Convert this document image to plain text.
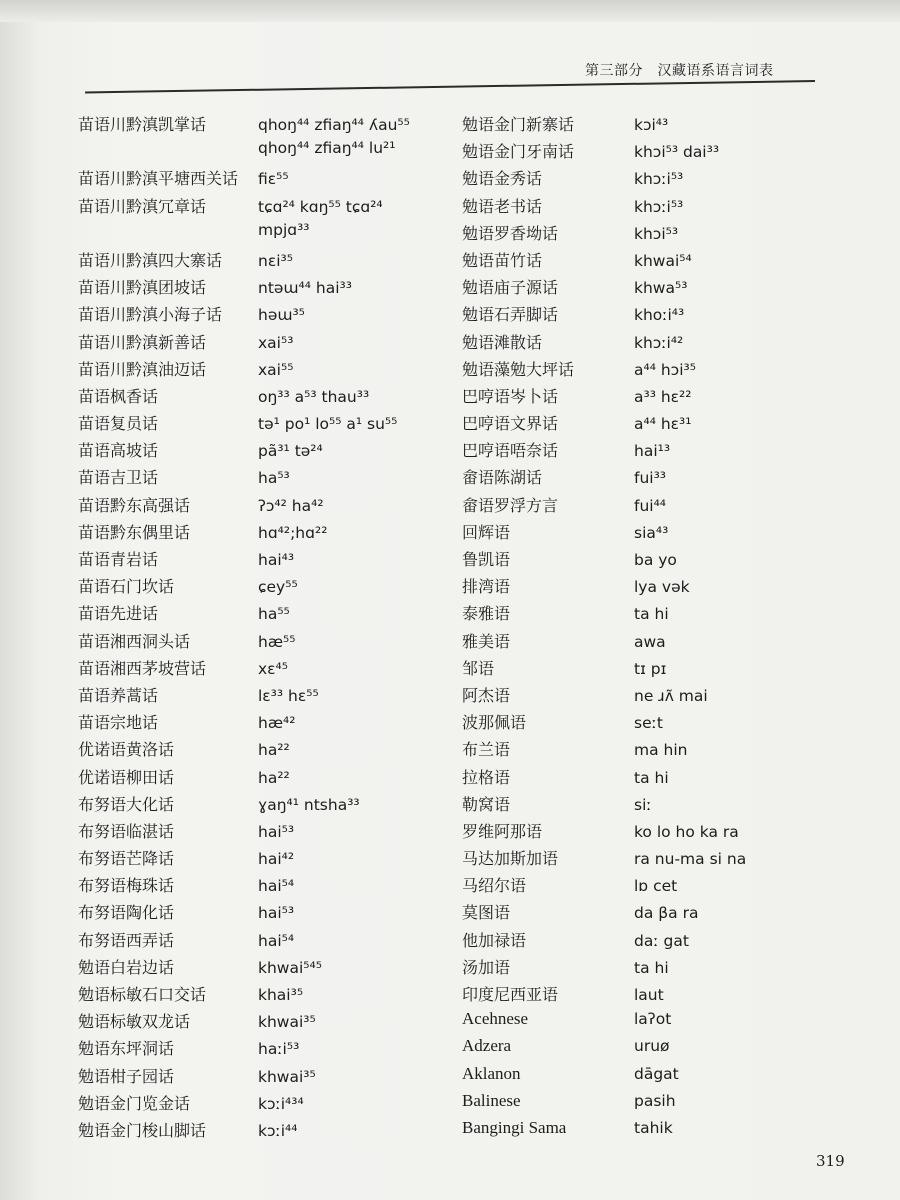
第三部分　汉藏语系语言词表
苗语川黔滇凯掌话	qhoŋ⁴⁴ zfiaŋ⁴⁴ ʎau⁵⁵
qhoŋ⁴⁴ zfiaŋ⁴⁴ lu²¹
苗语川黔滇平塘西关话	fiɛ⁵⁵
苗语川黔滇冗章话	tɕɑ²⁴ kɑŋ⁵⁵ tɕɑ²⁴
mpjɑ³³
苗语川黔滇四大寨话	nɛi³⁵
苗语川黔滇团坡话	ntəɯ⁴⁴ hai³³
苗语川黔滇小海子话	həɯ³⁵
苗语川黔滇新善话	xai⁵³
苗语川黔滇油迈话	xai⁵⁵
苗语枫香话	oŋ³³ a⁵³ thau³³
苗语复员话	tə¹ po¹ lo⁵⁵ a¹ su⁵⁵
苗语高坡话	pã³¹ tə²⁴
苗语吉卫话	ha⁵³
苗语黔东高强话	ʔɔ⁴² ha⁴²
苗语黔东偶里话	hɑ⁴²;hɑ²²
苗语青岩话	hai⁴³
苗语石门坎话	ɕey⁵⁵
苗语先进话	ha⁵⁵
苗语湘西洞头话	hæ⁵⁵
苗语湘西茅坡营话	xɛ⁴⁵
苗语养蒿话	lɛ³³ hɛ⁵⁵
苗语宗地话	hæ⁴²
优诺语黄洛话	ha²²
优诺语柳田话	ha²²
布努语大化话	ɣaŋ⁴¹ ntsha³³
布努语临湛话	hai⁵³
布努语芒降话	hai⁴²
布努语梅珠话	hai⁵⁴
布努语陶化话	hai⁵³
布努语西弄话	hai⁵⁴
勉语白岩边话	khwai⁵⁴⁵
勉语标敏石口交话	khai³⁵
勉语标敏双龙话	khwai³⁵
勉语东坪洞话	haːi⁵³
勉语柑子园话	khwai³⁵
勉语金门览金话	kɔːi⁴³⁴
勉语金门梭山脚话	kɔːi⁴⁴
勉语金门新寨话	kɔi⁴³
勉语金门牙南话	khɔi⁵³ dai³³
勉语金秀话	khɔːi⁵³
勉语老书话	khɔːi⁵³
勉语罗香坳话	khɔi⁵³
勉语苗竹话	khwai⁵⁴
勉语庙子源话	khwa⁵³
勉语石弄脚话	khoːi⁴³
勉语滩散话	khɔːi⁴²
勉语藻勉大坪话	a⁴⁴ hɔi³⁵
巴哼语岑卜话	a³³ hɛ²²
巴哼语文界话	a⁴⁴ hɛ³¹
巴哼语唔奈话	hai¹³
畲语陈湖话	fui³³
畲语罗浮方言	fui⁴⁴
回辉语	sia⁴³
鲁凯语	ba yo
排湾语	lya vək
泰雅语	ta hi
雅美语	awa
邹语	tɪ pɪ
阿杰语	ne ɹʌ̃ mai
波那佩语	seːt
布兰语	ma hin
拉格语	ta hi
勒窝语	siː
罗维阿那语	ko lo ho ka ra
马达加斯加语	ra nu-ma si na
马绍尔语	lɒ cet
莫图语	da βa ra
他加禄语	daː gat
汤加语	ta hi
印度尼西亚语	laut
Acehnese	laʔot
Adzera	uruø
Aklanon	dāgat
Balinese	pasih
Bangingi Sama	tahik
319
